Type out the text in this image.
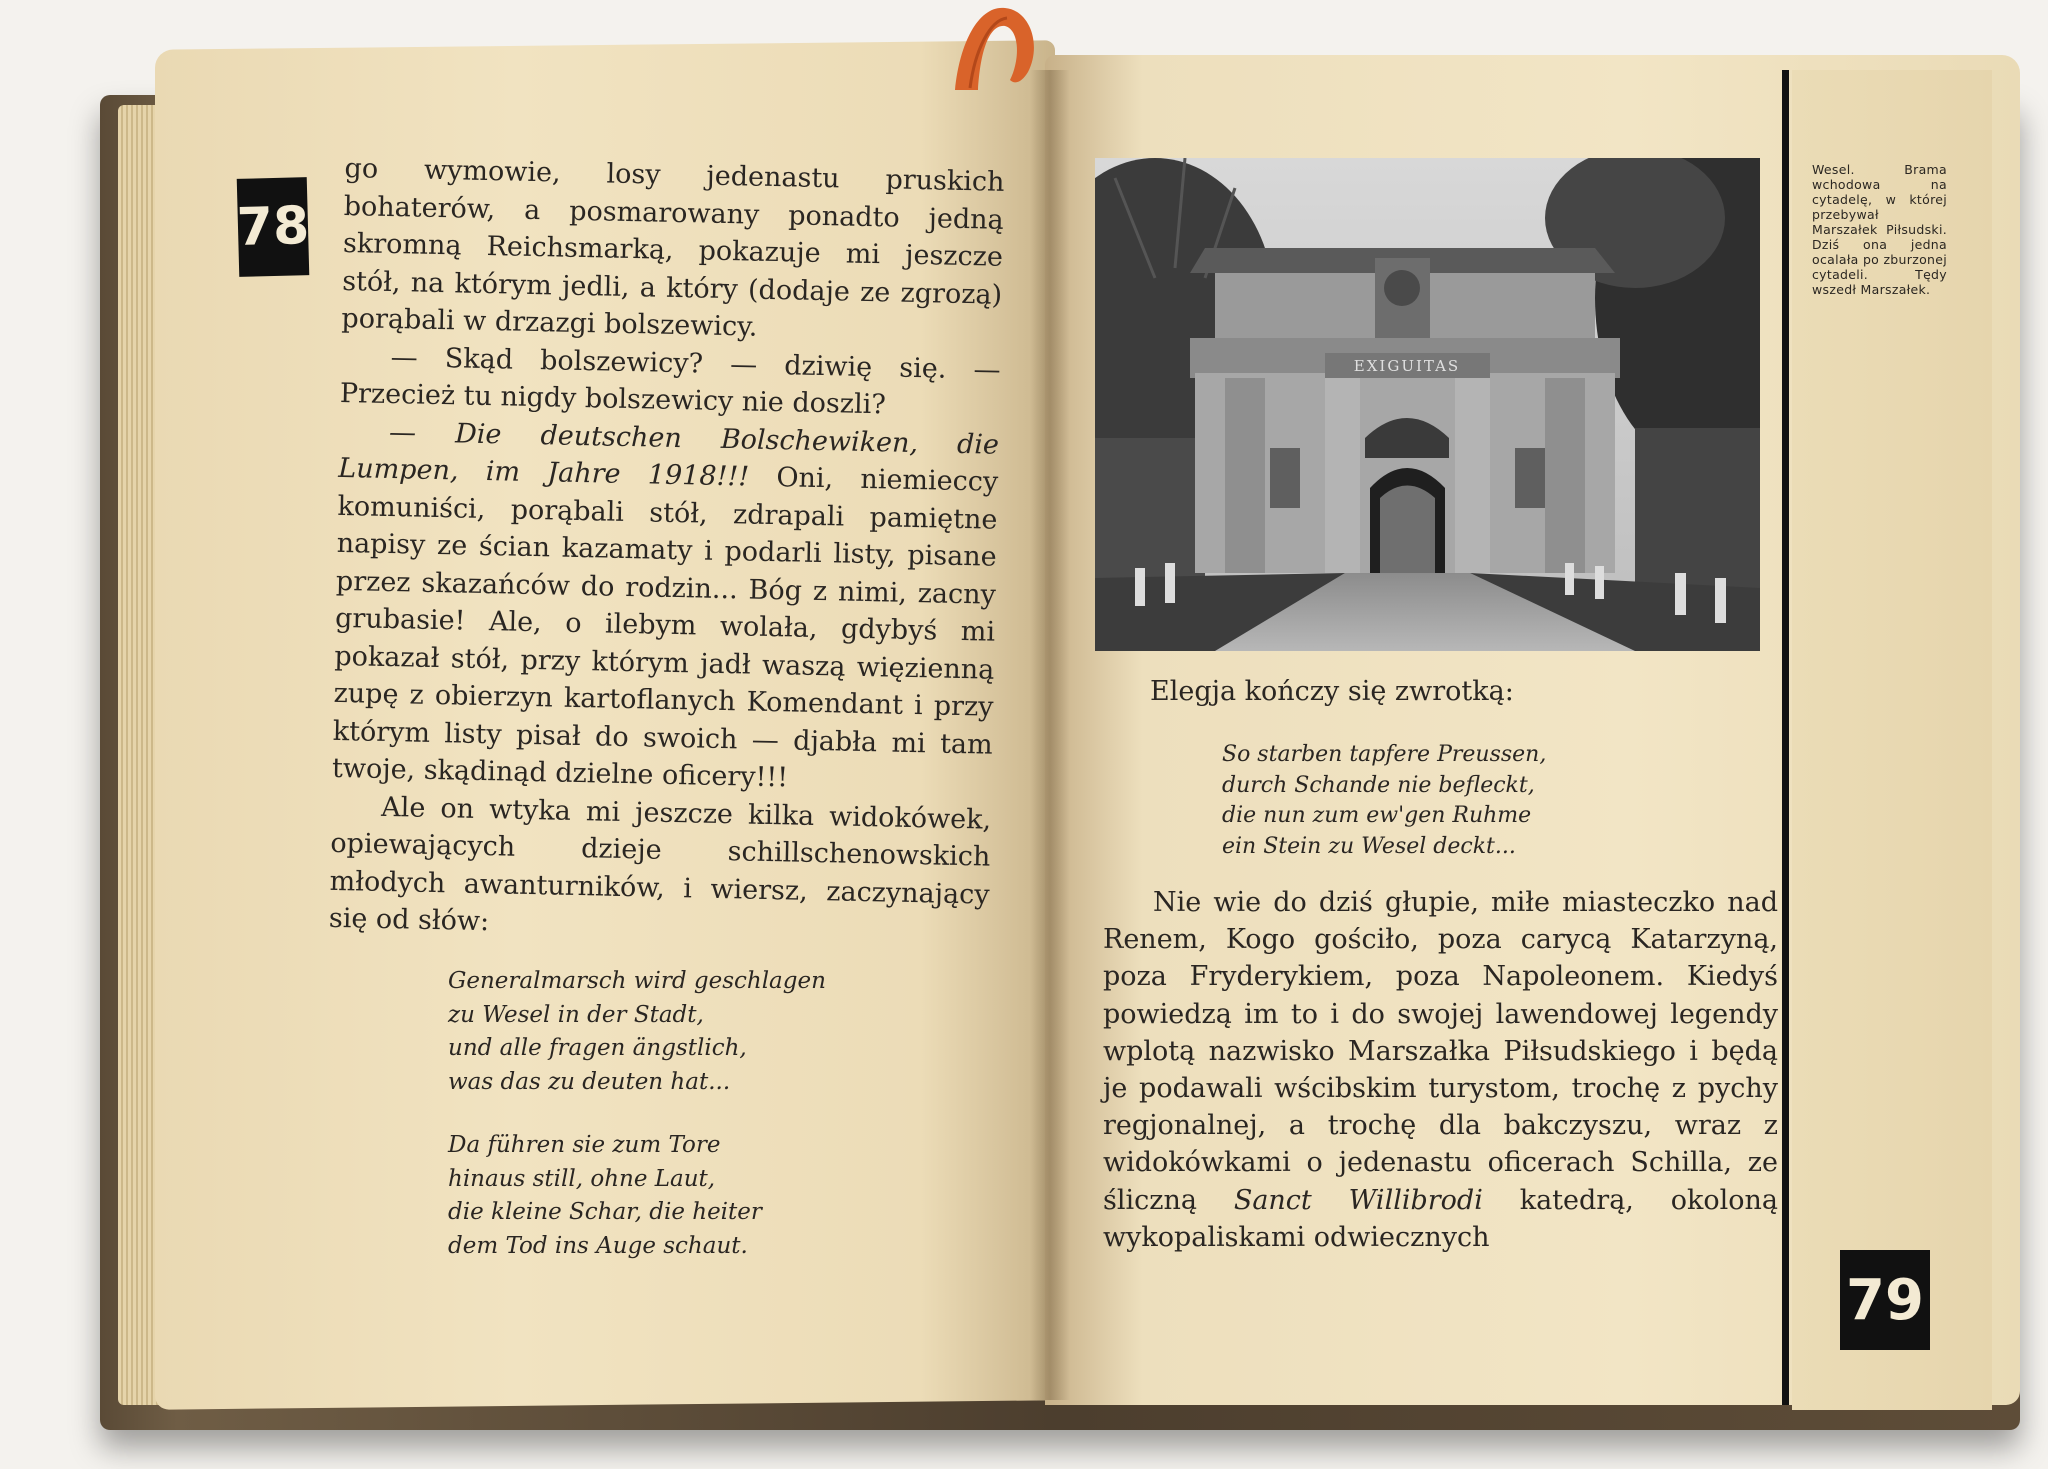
78
79

go wymowie, losy jedenastu pruskich bohaterów, a posmarowany ponadto jedną skromną Reichsmarką, pokazuje mi jeszcze stół, na którym jedli, a który (dodaje ze zgrozą) porąbali w drzazgi bolszewicy.

— Skąd bolszewicy? — dziwię się. — Przecież tu nigdy bolszewicy nie doszli?

— Die deutschen Bolschewiken, die Lumpen, im Jahre 1918!!! Oni, niemieccy komuniści, porąbali stół, zdrapali pamiętne napisy ze ścian kazamaty i podarli listy, pisane przez skazańców do rodzin... Bóg z nimi, zacny grubasie! Ale, o ilebym wolała, gdybyś mi pokazał stół, przy którym jadł waszą więzienną zupę z obierzyn kartoflanych Komendant i przy którym listy pisał do swoich — djabła mi tam twoje, skądinąd dzielne oficery!!!

Ale on wtyka mi jeszcze kilka widokówek, opiewających dzieje schillschenowskich młodych awanturników, i wiersz, zaczynający się od słów:

Generalmarsch wird geschlagen
zu Wesel in der Stadt,
und alle fragen ängstlich,
was das zu deuten hat...
Da führen sie zum Tore
hinaus still, ohne Laut,
die kleine Schar, die heiter
dem Tod ins Auge schaut.
EXIGUITAS
Wesel. Brama wchodowa na cytadelę, w której przebywał Marszałek Piłsudski. Dziś ona jedna ocalała po zburzonej cytadeli. Tędy wszedł Marszałek.
Elegja kończy się zwrotką:
So starben tapfere Preussen,
durch Schande nie befleckt,
die nun zum ew'gen Ruhme
ein Stein zu Wesel deckt...

Nie wie do dziś głupie, miłe miasteczko nad Renem, Kogo gościło, poza carycą Katarzyną, poza Fryderykiem, poza Napoleonem. Kiedyś powiedzą im to i do swojej lawendowej legendy wplotą nazwisko Marszałka Piłsudskiego i będą je podawali wścibskim turystom, trochę z pychy regjonalnej, a trochę dla bakczyszu, wraz z widokówkami o jedenastu oficerach Schilla, ze śliczną Sanct Willibrodi katedrą, okoloną wykopaliskami odwiecznych
